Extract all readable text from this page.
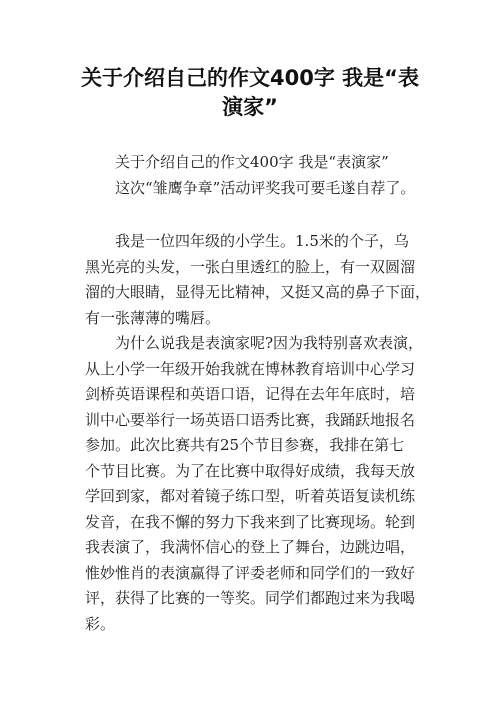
关于介绍自己的作文400字 我是“表
演家”
关于介绍自己的作文400字 我是“表演家”
这次“雏鹰争章”活动评奖我可要毛遂自荐了。
我是一位四年级的小学生。1.5米的个子，乌
黑光亮的头发，一张白里透红的脸上，有一双圆溜
溜的大眼睛，显得无比精神，又挺又高的鼻子下面，
有一张薄薄的嘴唇。
为什么说我是表演家呢?因为我特别喜欢表演，
从上小学一年级开始我就在博林教育培训中心学习
剑桥英语课程和英语口语，记得在去年年底时，培
训中心要举行一场英语口语秀比赛，我踊跃地报名
参加。此次比赛共有25个节目参赛，我排在第七
个节目比赛。为了在比赛中取得好成绩，我每天放
学回到家，都对着镜子练口型，听着英语复读机练
发音，在我不懈的努力下我来到了比赛现场。轮到
我表演了，我满怀信心的登上了舞台，边跳边唱，
惟妙惟肖的表演赢得了评委老师和同学们的一致好
评，获得了比赛的一等奖。同学们都跑过来为我喝
彩。
